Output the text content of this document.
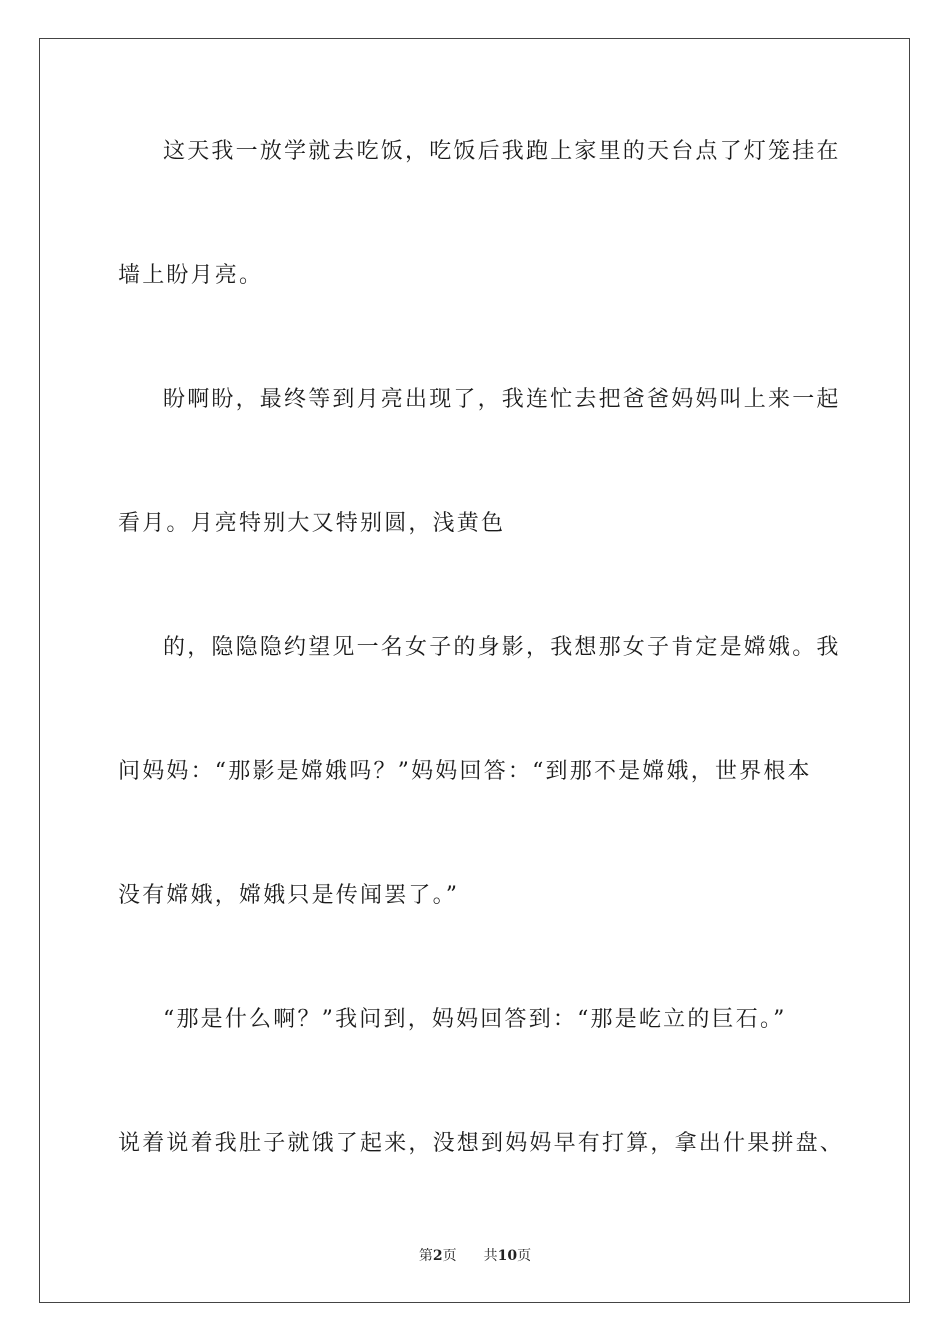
这天我一放学就去吃饭，吃饭后我跑上家里的天台点了灯笼挂在
墙上盼月亮。
盼啊盼，最终等到月亮出现了，我连忙去把爸爸妈妈叫上来一起
看月。月亮特别大又特别圆，浅黄色
的，隐隐隐约望见一名女子的身影，我想那女子肯定是嫦娥。我
问妈妈：“那影是嫦娥吗？”妈妈回答：“到那不是嫦娥，世界根本
没有嫦娥，嫦娥只是传闻罢了。”
“那是什么啊？”我问到，妈妈回答到：“那是屹立的巨石。”
说着说着我肚子就饿了起来，没想到妈妈早有打算，拿出什果拼盘、
第2页 共10页
